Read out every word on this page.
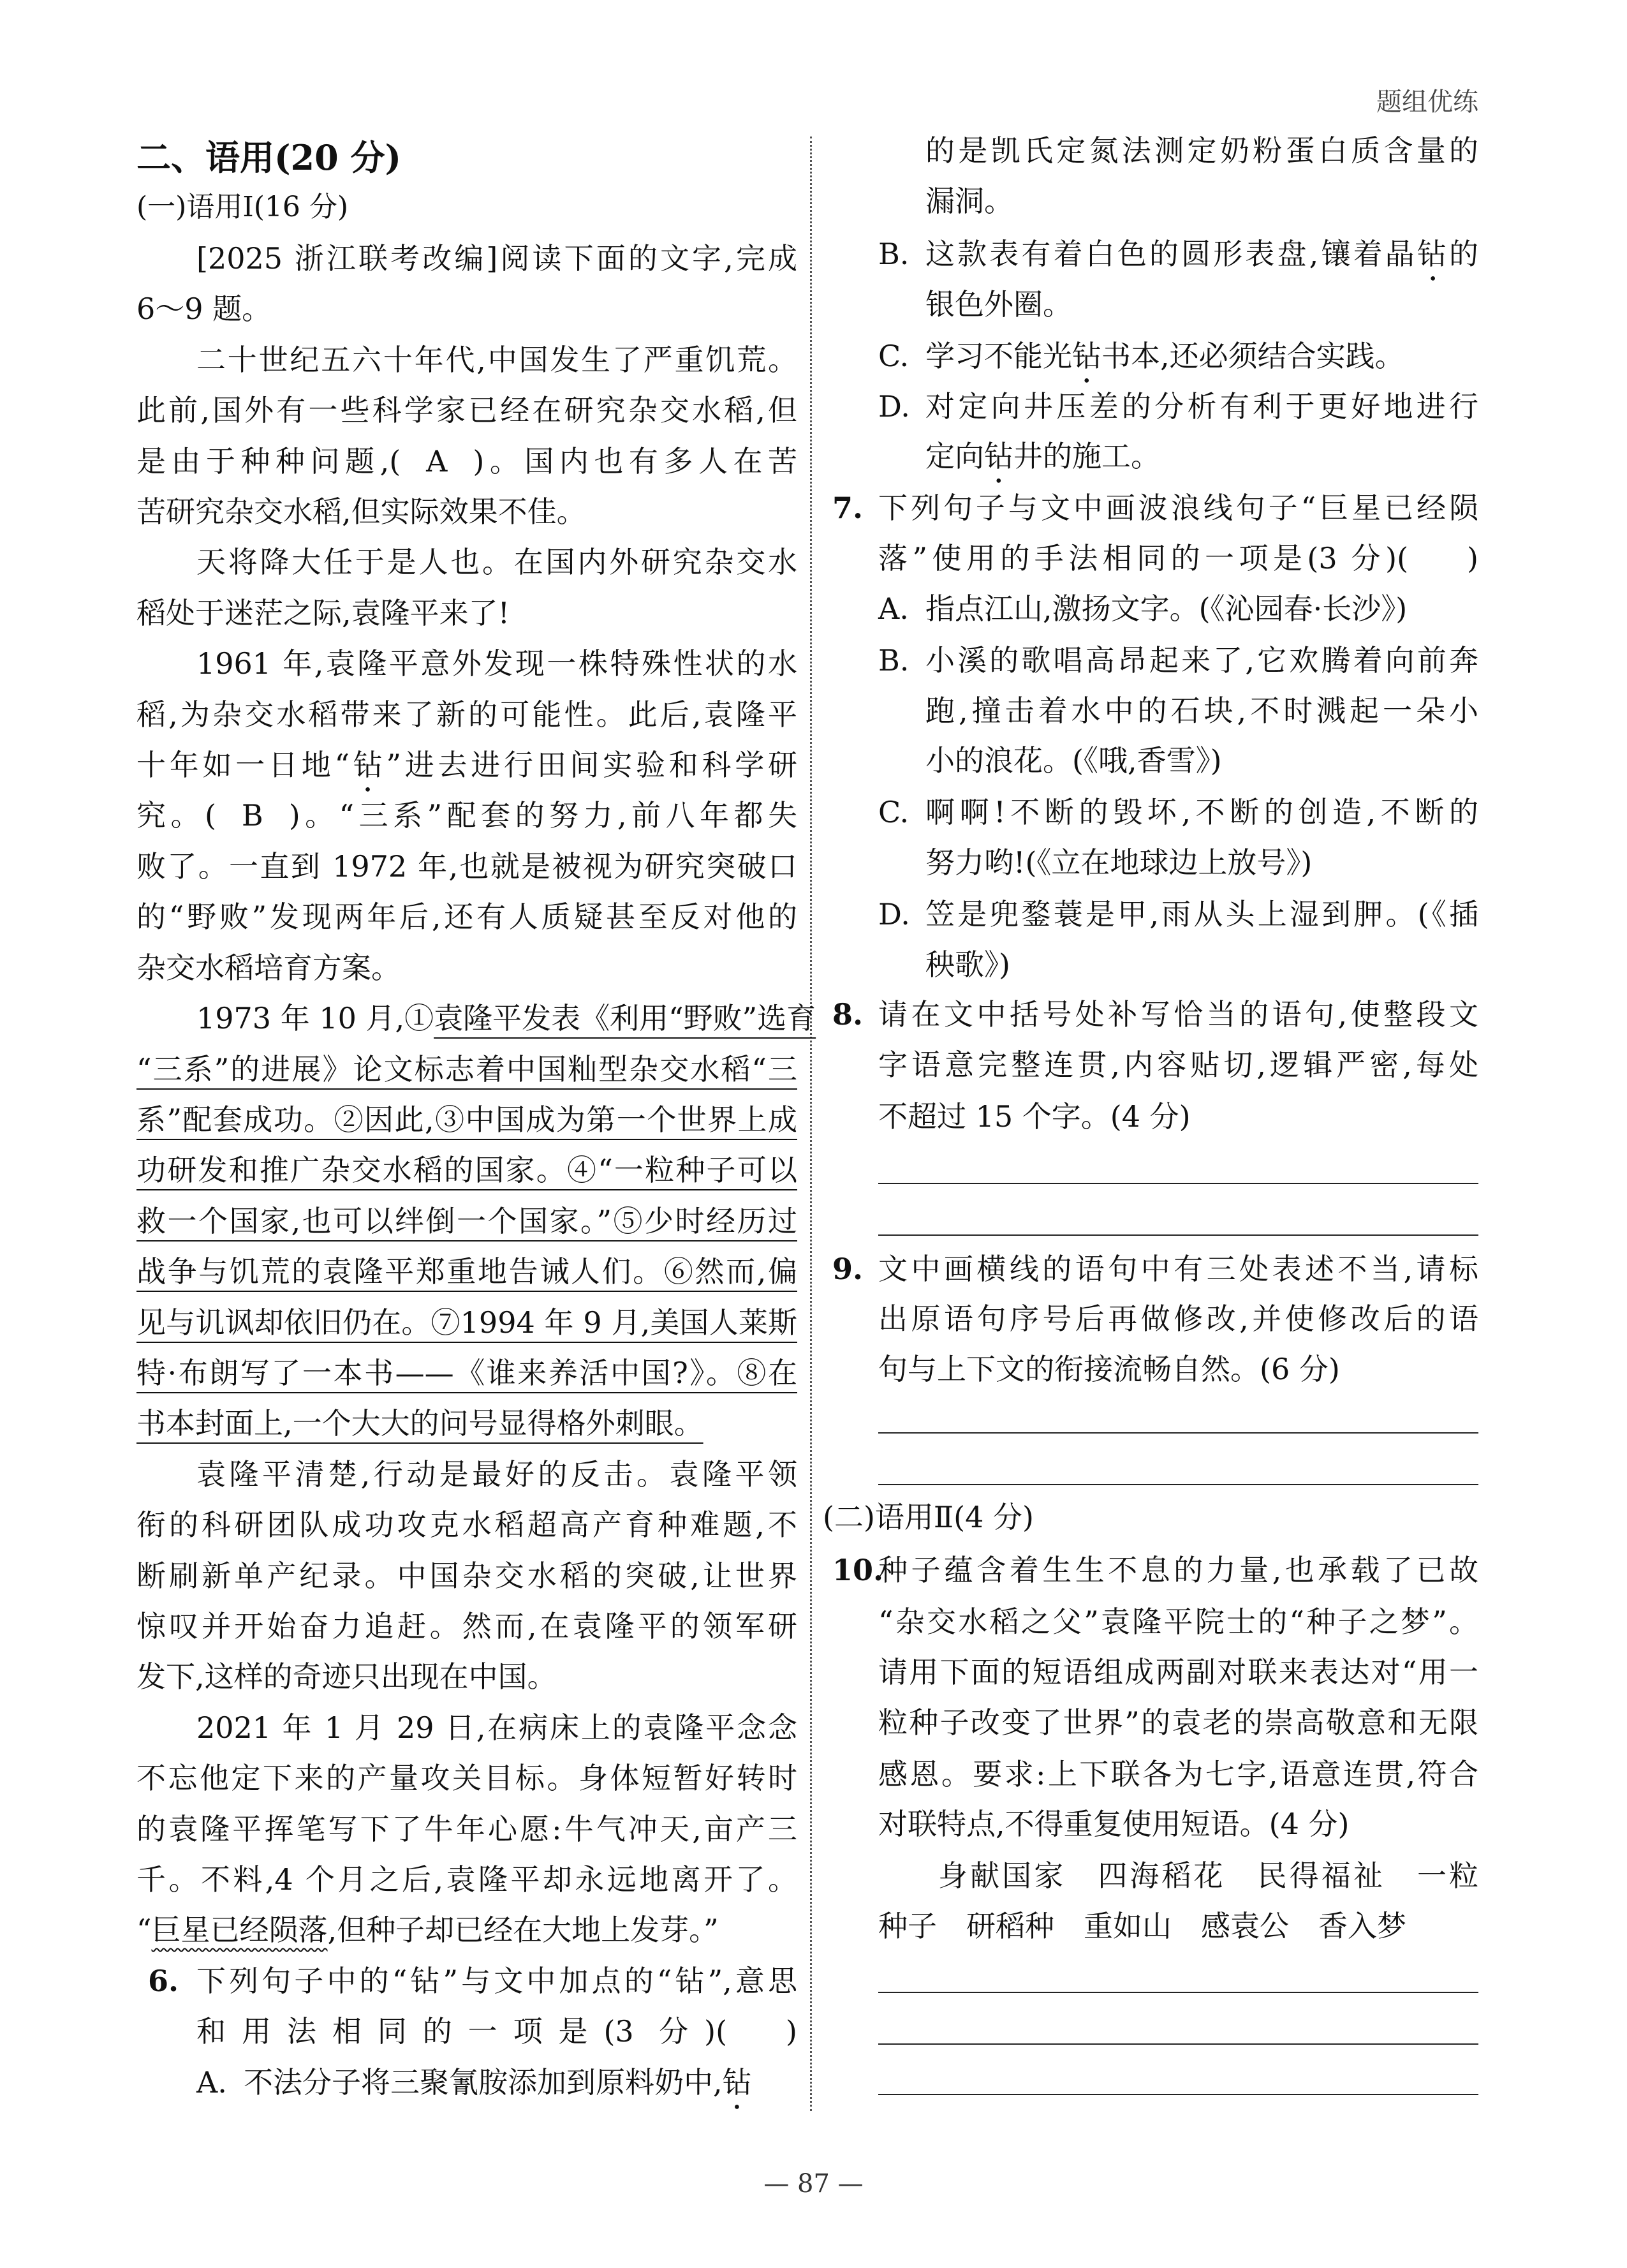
题组优练
二、语用(20 分)
(一)语用Ⅰ(16 分)
[2025 浙江联考改编]阅读下面的文字,完成
6～9 题。
二十世纪五六十年代,中国发生了严重饥荒。
此前,国外有一些科学家已经在研究杂交水稻,但
是由于种种问题,( A )。国内也有多人在苦
苦研究杂交水稻,但实际效果不佳。
天将降大任于是人也。在国内外研究杂交水
稻处于迷茫之际,袁隆平来了!
1961 年,袁隆平意外发现一株特殊性状的水
稻,为杂交水稻带来了新的可能性。此后,袁隆平
十年如一日地“钻”进去进行田间实验和科学研
究。( B )。“三系”配套的努力,前八年都失
败了。一直到 1972 年,也就是被视为研究突破口
的“野败”发现两年后,还有人质疑甚至反对他的
杂交水稻培育方案。
1973 年 10 月,①袁隆平发表《利用“野败”选育
“三系”的进展》论文标志着中国籼型杂交水稻“三
系”配套成功。②因此,③中国成为第一个世界上成
功研发和推广杂交水稻的国家。④“一粒种子可以
救一个国家,也可以绊倒一个国家。”⑤少时经历过
战争与饥荒的袁隆平郑重地告诫人们。⑥然而,偏
见与讥讽却依旧仍在。⑦1994 年 9 月,美国人莱斯
特·布朗写了一本书——《谁来养活中国?》。⑧在
书本封面上,一个大大的问号显得格外刺眼。
袁隆平清楚,行动是最好的反击。袁隆平领
衔的科研团队成功攻克水稻超高产育种难题,不
断刷新单产纪录。中国杂交水稻的突破,让世界
惊叹并开始奋力追赶。然而,在袁隆平的领军研
发下,这样的奇迹只出现在中国。
2021 年 1 月 29 日,在病床上的袁隆平念念
不忘他定下来的产量攻关目标。身体短暂好转时
的袁隆平挥笔写下了牛年心愿:牛气冲天,亩产三
千。不料,4 个月之后,袁隆平却永远地离开了。
“巨星已经陨落,但种子却已经在大地上发芽。”
6. 下列句子中的“钻”与文中加点的“钻”,意思
和用法相同的一项是(3 分) (　　)
A. 不法分子将三聚氰胺添加到原料奶中,钻
的是凯氏定氮法测定奶粉蛋白质含量的
漏洞。
B. 这款表有着白色的圆形表盘,镶着晶钻的
银色外圈。
C. 学习不能光钻书本,还必须结合实践。
D. 对定向井压差的分析有利于更好地进行
定向钻井的施工。
7. 下列句子与文中画波浪线句子“巨星已经陨
落”使用的手法相同的一项是(3 分) (　　)
A. 指点江山,激扬文字。(《沁园春·长沙》)
B. 小溪的歌唱高昂起来了,它欢腾着向前奔
跑,撞击着水中的石块,不时溅起一朵小
小的浪花。(《哦,香雪》)
C. 啊啊!不断的毁坏,不断的创造,不断的
努力哟!(《立在地球边上放号》)
D. 笠是兜鍪蓑是甲,雨从头上湿到胛。(《插
秧歌》)
8. 请在文中括号处补写恰当的语句,使整段文
字语意完整连贯,内容贴切,逻辑严密,每处
不超过 15 个字。(4 分)
9. 文中画横线的语句中有三处表述不当,请标
出原语句序号后再做修改,并使修改后的语
句与上下文的衔接流畅自然。(6 分)
(二)语用Ⅱ(4 分)
10.
种子蕴含着生生不息的力量,也承载了已故
“杂交水稻之父”袁隆平院士的“种子之梦”。
请用下面的短语组成两副对联来表达对“用一
粒种子改变了世界”的袁老的崇高敬意和无限
感恩。要求:上下联各为七字,语意连贯,符合
对联特点,不得重复使用短语。(4 分)
身献国家　四海稻花　民得福祉　一粒
种子　研稻种　重如山　感袁公　香入梦
— 87 —
